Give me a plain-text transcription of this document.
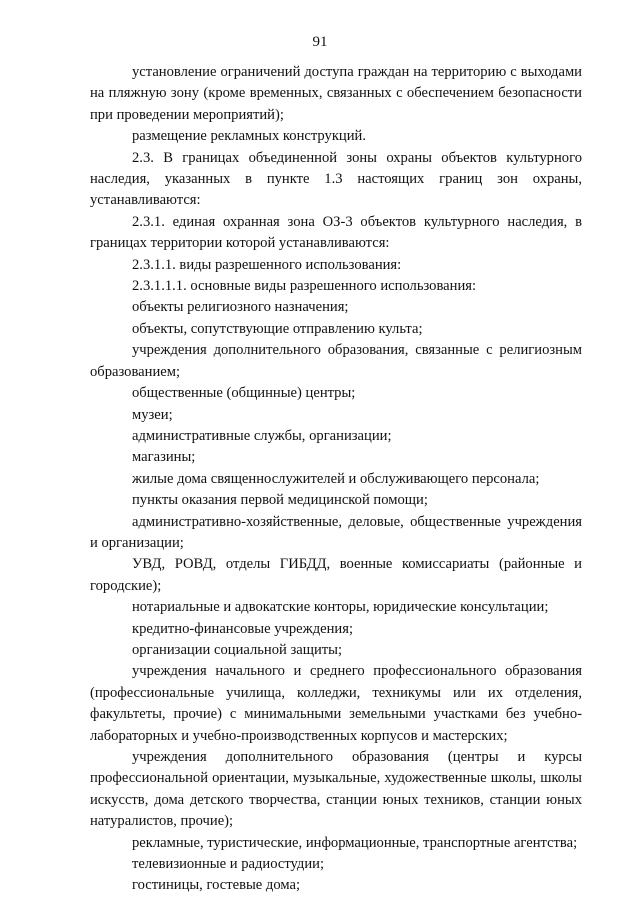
91

установление ограничений доступа граждан на территорию с выходами на пляжную зону (кроме временных, связанных с обеспечением безопасности при проведении мероприятий);

размещение рекламных конструкций.

2.3. В границах объединенной зоны охраны объектов культурного наследия, указанных в пункте 1.3 настоящих границ зон охраны, устанавливаются:

2.3.1. единая охранная зона ОЗ-3 объектов культурного наследия, в границах территории которой устанавливаются:

2.3.1.1. виды разрешенного использования:

2.3.1.1.1. основные виды разрешенного использования:

объекты религиозного назначения;

объекты, сопутствующие отправлению культа;

учреждения дополнительного образования, связанные с религиозным образованием;

общественные (общинные) центры;

музеи;

административные службы, организации;

магазины;

жилые дома священнослужителей и обслуживающего персонала;

пункты оказания первой медицинской помощи;

административно-хозяйственные, деловые, общественные учреждения и организации;

УВД, РОВД, отделы ГИБДД, военные комиссариаты (районные и городские);

нотариальные и адвокатские конторы, юридические консультации;

кредитно-финансовые учреждения;

организации социальной защиты;

учреждения начального и среднего профессионального образования (профессиональные училища, колледжи, техникумы или их отделения, факультеты, прочие) с минимальными земельными участками без учебно-лабораторных и учебно-производственных корпусов и мастерских;

учреждения дополнительного образования (центры и курсы профессиональной ориентации, музыкальные, художественные школы, школы искусств, дома детского творчества, станции юных техников, станции юных натуралистов, прочие);

рекламные, туристические, информационные, транспортные агентства;

телевизионные и радиостудии;

гостиницы, гостевые дома;
